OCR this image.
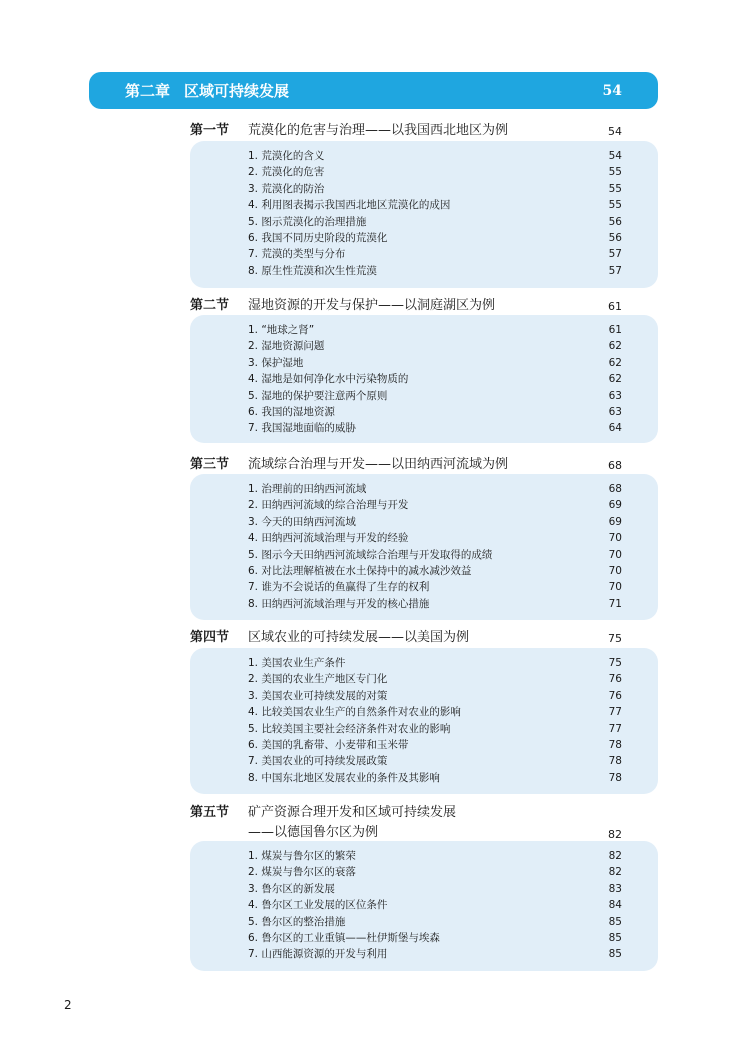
第二章 区域可持续发展	54
第一节 荒漠化的危害与治理——以我国西北地区为例	54
1. 荒漠化的含义	54
2. 荒漠化的危害	55
3. 荒漠化的防治	55
4. 利用图表揭示我国西北地区荒漠化的成因	55
5. 图示荒漠化的治理措施	56
6. 我国不同历史阶段的荒漠化	56
7. 荒漠的类型与分布	57
8. 原生性荒漠和次生性荒漠	57
第二节 湿地资源的开发与保护——以洞庭湖区为例	61
1. “地球之肾”	61
2. 湿地资源问题	62
3. 保护湿地	62
4. 湿地是如何净化水中污染物质的	62
5. 湿地的保护要注意两个原则	63
6. 我国的湿地资源	63
7. 我国湿地面临的威胁	64
第三节 流域综合治理与开发——以田纳西河流域为例	68
1. 治理前的田纳西河流域	68
2. 田纳西河流域的综合治理与开发	69
3. 今天的田纳西河流域	69
4. 田纳西河流域治理与开发的经验	70
5. 图示今天田纳西河流域综合治理与开发取得的成绩	70
6. 对比法理解植被在水土保持中的减水减沙效益	70
7. 谁为不会说话的鱼赢得了生存的权利	70
8. 田纳西河流域治理与开发的核心措施	71
第四节 区域农业的可持续发展——以美国为例	75
1. 美国农业生产条件	75
2. 美国的农业生产地区专门化	76
3. 美国农业可持续发展的对策	76
4. 比较美国农业生产的自然条件对农业的影响	77
5. 比较美国主要社会经济条件对农业的影响	77
6. 美国的乳畜带、小麦带和玉米带	78
7. 美国农业的可持续发展政策	78
8. 中国东北地区发展农业的条件及其影响	78
第五节 矿产资源合理开发和区域可持续发展
——以德国鲁尔区为例	82
1. 煤炭与鲁尔区的繁荣	82
2. 煤炭与鲁尔区的衰落	82
3. 鲁尔区的新发展	83
4. 鲁尔区工业发展的区位条件	84
5. 鲁尔区的整治措施	85
6. 鲁尔区的工业重镇——杜伊斯堡与埃森	85
7. 山西能源资源的开发与利用	85
2
